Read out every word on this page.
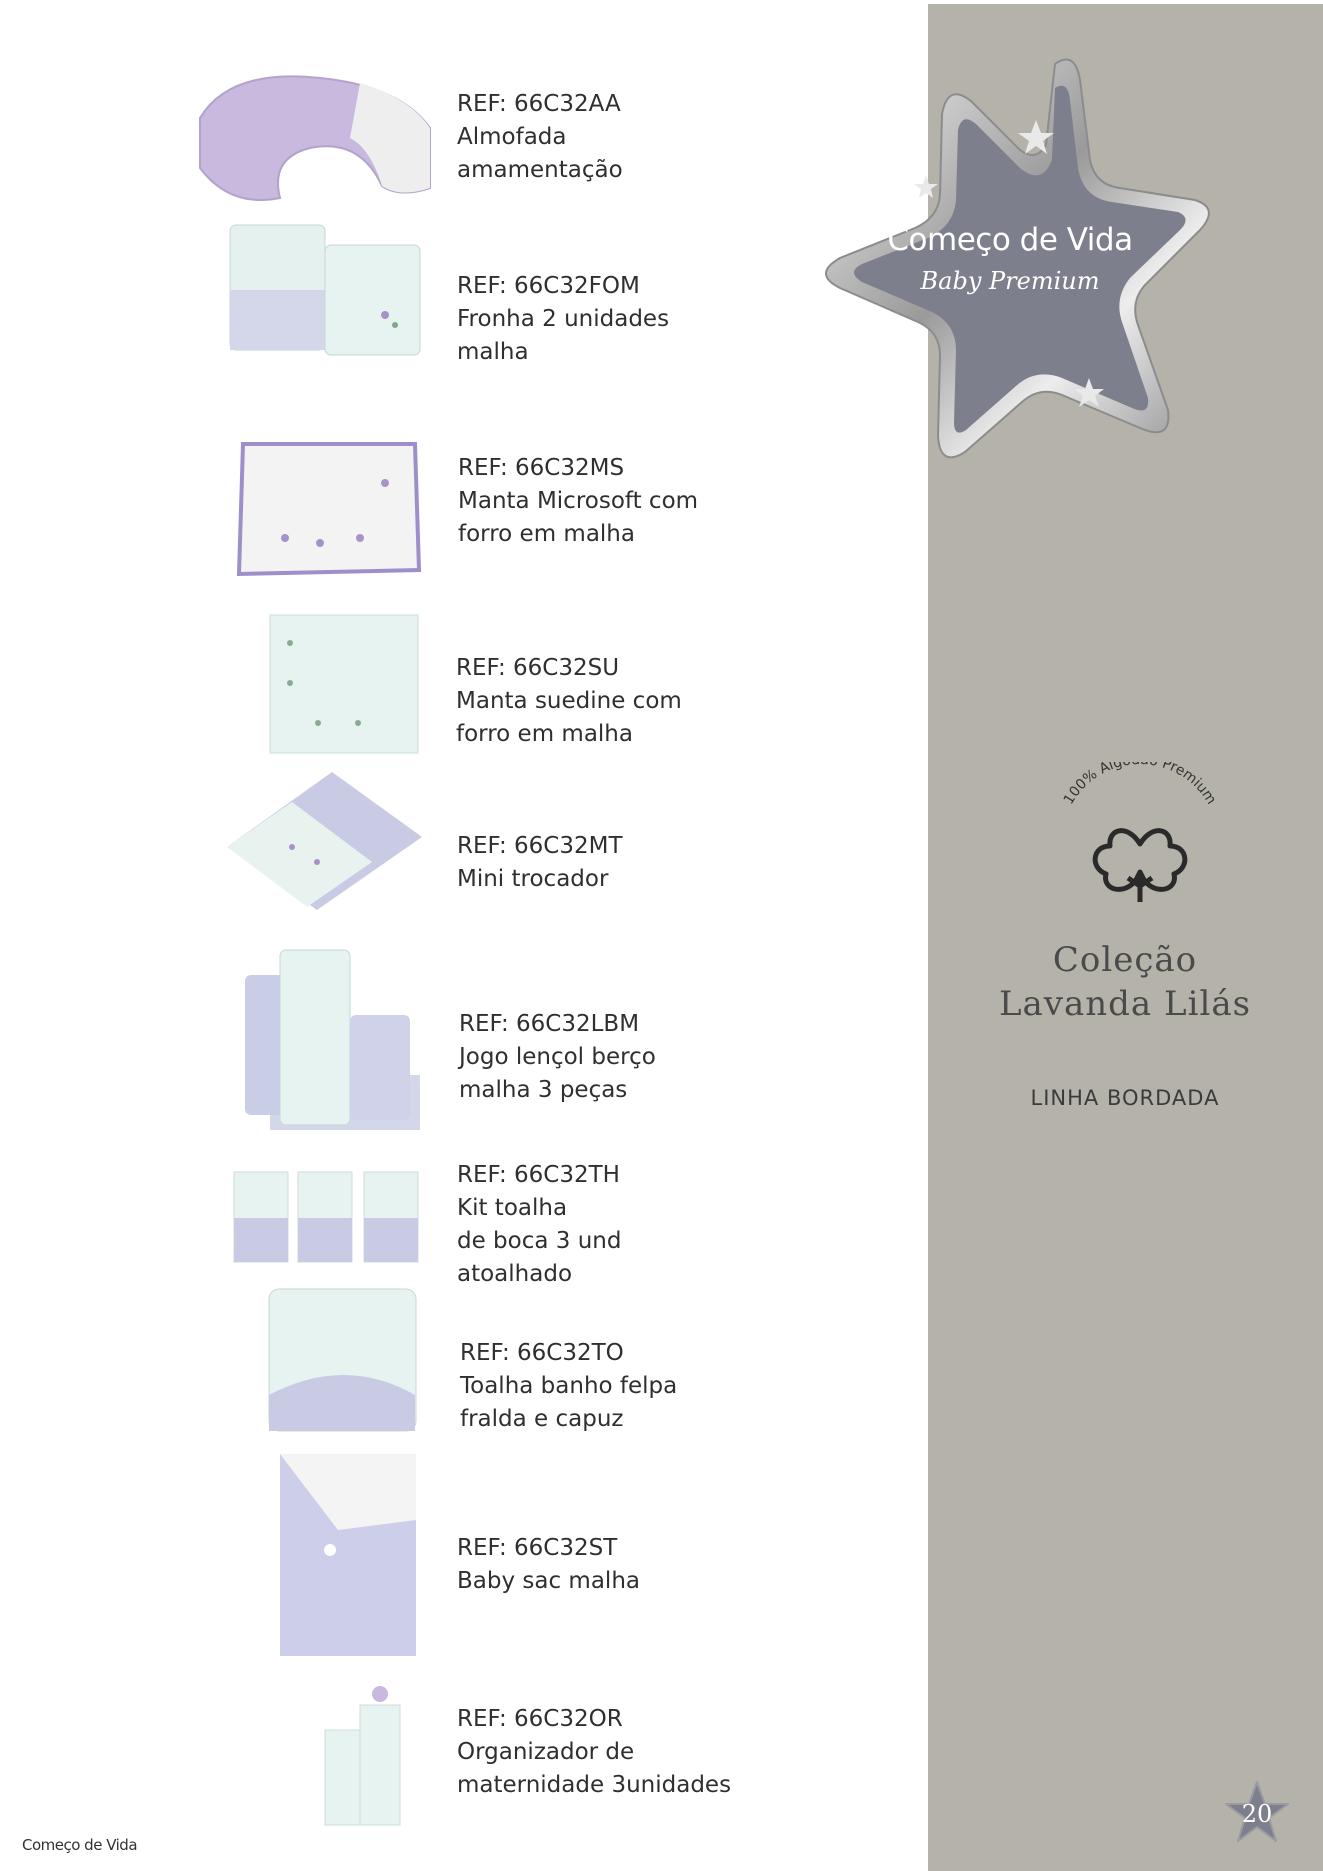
Começo de Vida
Baby Premium
100% Alg Premium
Coleção
Lavanda Lilás
LINHA BORDADA
REF: 66C32AA
Almofada
amamentação
REF: 66C32FOM
Fronha 2 unidades
malha
REF: 66C32MS
Manta Microsoft com
forro em malha
REF: 66C32SU
Manta suedine com
forro em malha
REF: 66C32MT
Mini trocador
REF: 66C32LBM
Jogo lençol berço
malha 3 peças
REF: 66C32TH
Kit toalha
de boca 3 und
atoalhado
REF: 66C32TO
Toalha banho felpa
fralda e capuz
REF: 66C32ST
Baby sac malha
REF: 66C32OR
Organizador de
maternidade 3unidades
20
Começo de Vida
